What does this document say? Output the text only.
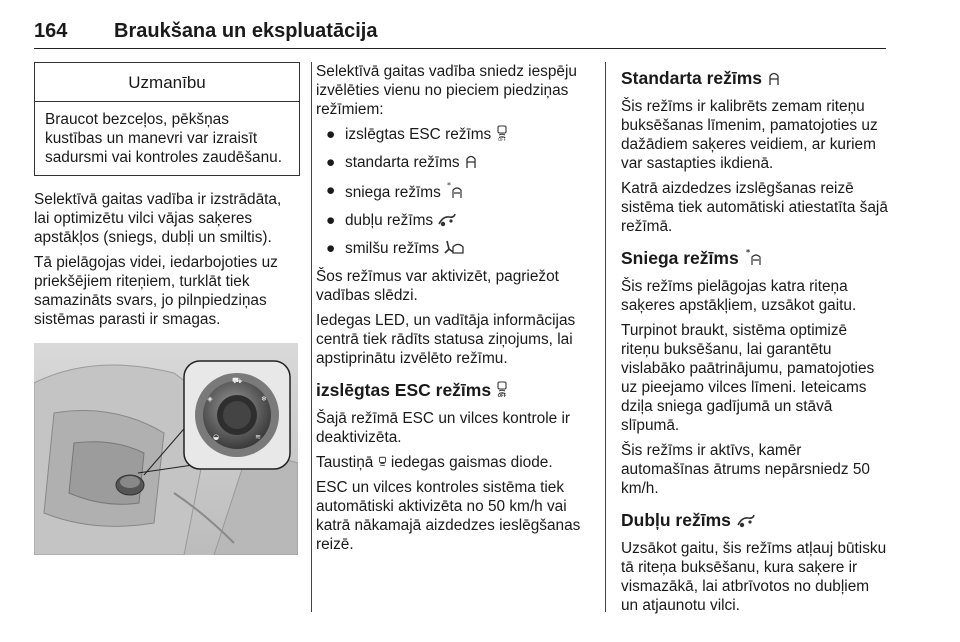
164 Braukšana un ekspluatācija
Uzmanību
Braucot bezceļos, pēkšņas kustības un manevri var izraisīt sadursmi vai kontroles zaudēšanu.

Selektīvā gaitas vadība ir izstrādāta, lai optimizētu vilci vājas saķeres apstākļos (sniegs, dubļi un smiltis).

Tā pielāgojas videi, iedarbojoties uz priekšējiem riteņiem, turklāt tiek samazināts svars, jo pilnpiedziņas sistēmas parasti ir smagas.

⛟
◈	❄
◒	≋

Selektīvā gaitas vadība sniedz iespēju izvēlēties vienu no pieciem piedziņas režīmiem:

● izslēgtas ESC režīms OFF
● standarta režīms
● sniega režīms *
● dubļu režīms
● smilšu režīms

Šos režīmus var aktivizēt, pagriežot vadības slēdzi.

Iedegas LED, un vadītāja informācijas centrā tiek rādīts statusa ziņojums, lai apstiprinātu izvēlēto režīmu.

izslēgtas ESC režīms OFF

Šajā režīmā ESC un vilces kontrole ir deaktivizēta.

Taustiņā iedegas gaismas diode.

ESC un vilces kontroles sistēma tiek automātiski aktivizēta no 50 km/h vai katrā nākamajā aizdedzes ieslēgšanas reizē.

Standarta režīms

Šis režīms ir kalibrēts zemam riteņu buksēšanas līmenim, pamatojoties uz dažādiem saķeres veidiem, ar kuriem var sastapties ikdienā.

Katrā aizdedzes izslēgšanas reizē sistēma tiek automātiski atiestatīta šajā režīmā.

Sniega režīms *

Šis režīms pielāgojas katra riteņa saķeres apstākļiem, uzsākot gaitu.

Turpinot braukt, sistēma optimizē riteņu buksēšanu, lai garantētu vislabāko paātrinājumu, pamatojoties uz pieejamo vilces līmeni. Ieteicams dziļa sniega gadījumā un stāvā slīpumā.

Šis režīms ir aktīvs, kamēr automašīnas ātrums nepārsniedz 50 km/h.

Dubļu režīms

Uzsākot gaitu, šis režīms atļauj būtisku tā riteņa buksēšanu, kura saķere ir vismazākā, lai atbrīvotos no dubļiem un atjaunotu vilci.
